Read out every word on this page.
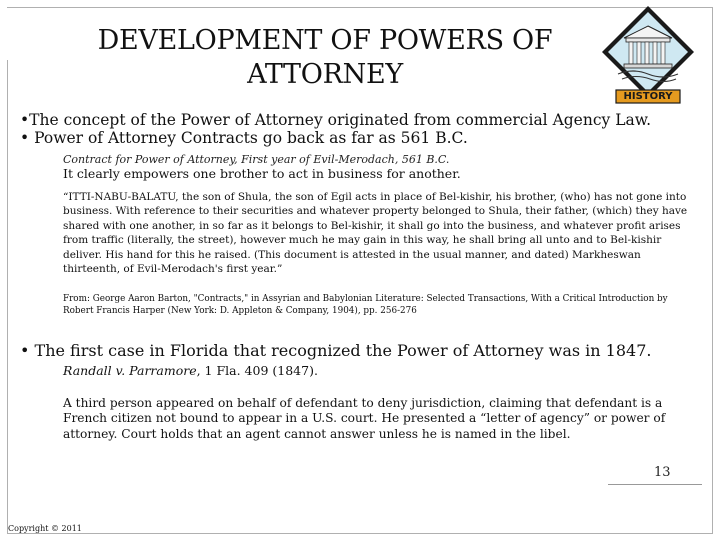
DEVELOPMENT OF POWERS OF ATTORNEY
HISTORY
•The concept of the Power of Attorney originated from commercial Agency Law.
• Power of Attorney Contracts go back as far as 561 B.C.
Contract for Power of Attorney, First year of Evil-Merodach, 561 B.C.
It clearly empowers one brother to act in business for another.
“ITTI-NABU-BALATU, the son of Shula, the son of Egil acts in place of Bel-kishir, his brother, (who) has not gone into business. With reference to their securities and whatever property belonged to Shula, their father, (which) they have shared with one another, in so far as it belongs to Bel-kishir, it shall go into the business, and whatever profit arises from traffic (literally, the street), however much he may gain in this way, he shall bring all unto and to Bel-kishir deliver. His hand for this he raised. (This document is attested in the usual manner, and dated) Markheswan thirteenth, of Evil-Merodach's first year.”
From: George Aaron Barton, "Contracts," in Assyrian and Babylonian Literature: Selected Transactions, With a Critical Introduction by Robert Francis Harper (New York: D. Appleton & Company, 1904), pp. 256-276
• The first case in Florida that recognized the Power of Attorney was in 1847.
Randall v. Parramore, 1 Fla. 409 (1847).
A third person appeared on behalf of defendant to deny jurisdiction, claiming that defendant is a French citizen not bound to appear in a U.S. court. He presented a “letter of agency” or power of attorney. Court holds that an agent cannot answer unless he is named in the libel.
13
Copyright © 2011
